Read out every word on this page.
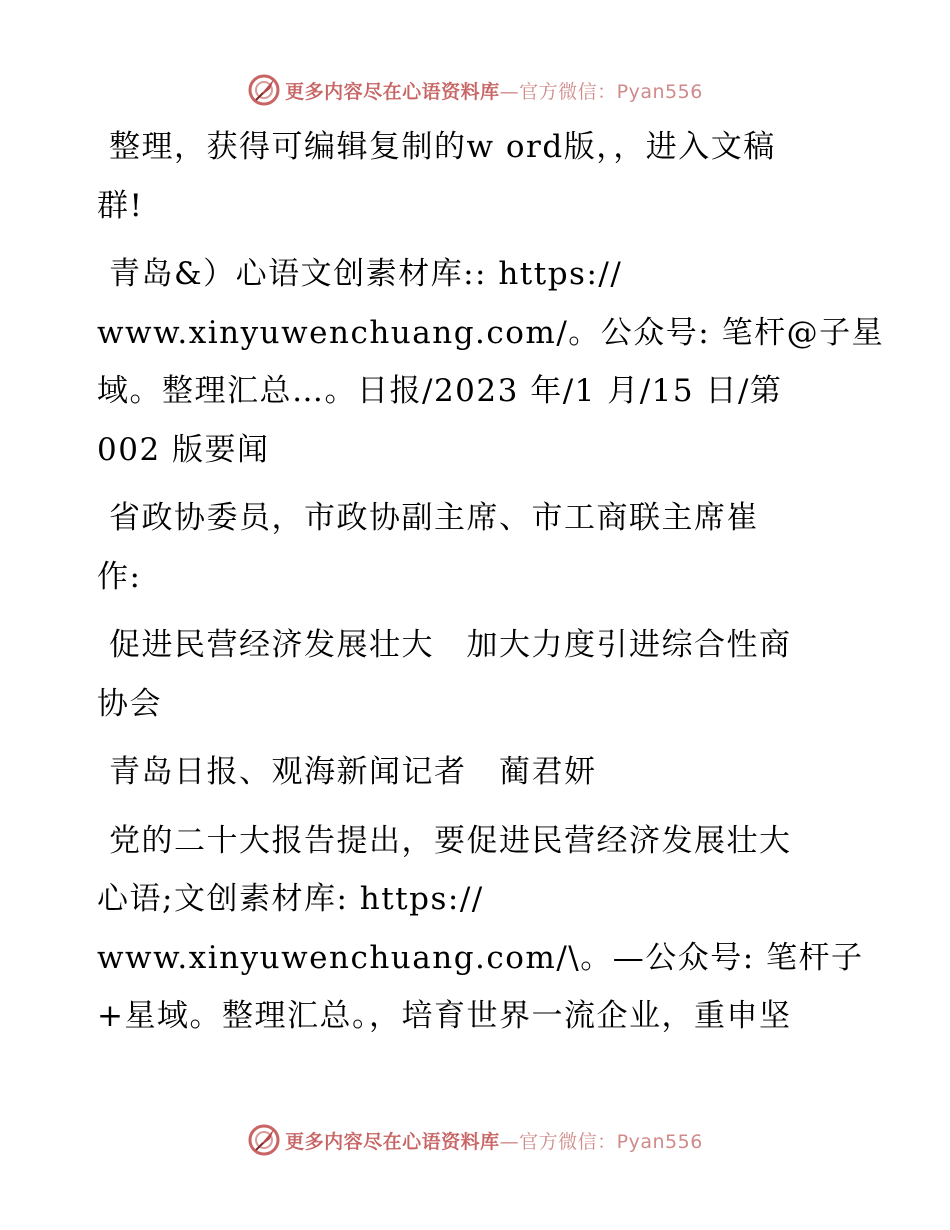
更多内容尽在心语资料库—官方微信：Pyan556

整理，获得可编辑复制的w ord版，，进入文稿
群!

青岛&）心语文创素材库:: https://
www.xinyuwenchuang.com/。公众号: 笔杆@子星
域。整理汇总…。日报/2023 年/1 月/15 日/第
002 版要闻

省政协委员，市政协副主席、市工商联主席崔
作:

促进民营经济发展壮大　加大力度引进综合性商
协会

青岛日报、观海新闻记者　蔺君妍

党的二十大报告提出，要促进民营经济发展壮大
心语;文创素材库: https://
www.xinyuwenchuang.com/\。—公众号: 笔杆子
+星域。整理汇总。，培育世界一流企业，重申坚

更多内容尽在心语资料库—官方微信：Pyan556
